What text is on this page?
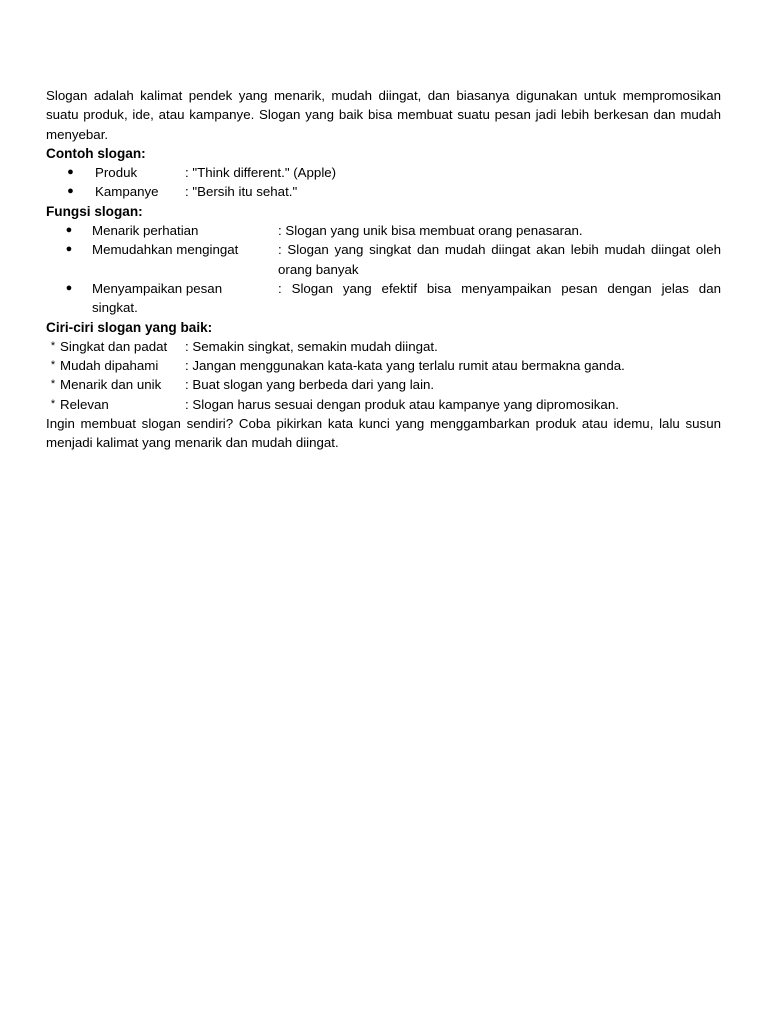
Slogan adalah kalimat pendek yang menarik, mudah diingat, dan biasanya digunakan untuk mempromosikan suatu produk, ide, atau kampanye. Slogan yang baik bisa membuat suatu pesan jadi lebih berkesan dan mudah menyebar.

Contoh slogan:

●	Produk	: "Think different." (Apple)
●	Kampanye	: "Bersih itu sehat."

Fungsi slogan:

●	Menarik perhatian	: Slogan yang unik bisa membuat orang penasaran.
●	Memudahkan mengingat	: Slogan yang singkat dan mudah diingat akan lebih mudah diingat oleh orang banyak
●	Menyampaikan pesan	: Slogan yang efektif bisa menyampaikan pesan dengan jelas dan
singkat.

Ciri-ciri slogan yang baik:

* Singkat dan padat	: Semakin singkat, semakin mudah diingat.
* Mudah dipahami	: Jangan menggunakan kata-kata yang terlalu rumit atau bermakna ganda.
* Menarik dan unik	: Buat slogan yang berbeda dari yang lain.
* Relevan	: Slogan harus sesuai dengan produk atau kampanye yang dipromosikan.

Ingin membuat slogan sendiri? Coba pikirkan kata kunci yang menggambarkan produk atau idemu, lalu susun menjadi kalimat yang menarik dan mudah diingat.
